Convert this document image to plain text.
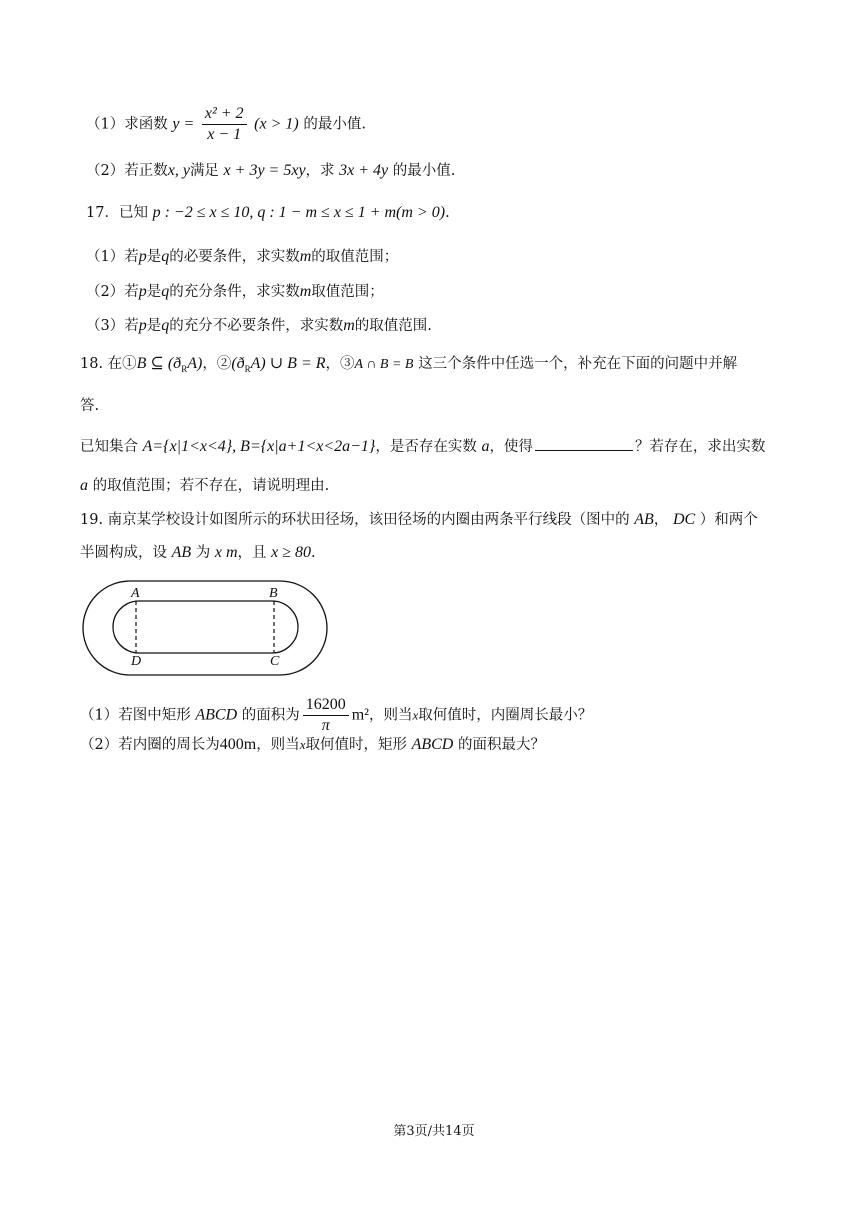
（1）求函数 $y = \frac{\text{x² + 2}}{x - 1} (x > 1)$ 的最小值.
（2）若正数x, y满足 x + 3y = 5xy，求 3x + 4y 的最小值.
17．已知 p : −2 ≤ x ≤ 10, q : 1 − m ≤ x ≤ 1 + m(m > 0).
（1）若p是q的必要条件，求实数m的取值范围；
（2）若p是q的充分条件，求实数m取值范围；
（3）若p是q的充分不必要条件，求实数m的取值范围.
18. 在①B ⊆ $(ð_RA)$，$②(ð_RA)$ ∪ B = R，③A ∩ B = B 这三个条件中任选一个，补充在下面的问题中并解
答.
已知集合 A={x|1<x<4}, B={x|a+1<x<2a−1}，是否存在实数 a，使得	？若存在，求出实数
a 的取值范围；若不存在，请说明理由.
19. 南京某学校设计如图所示的环状田径场，该田径场的内圈由两条平行线段（图中的 AB， DC ）和两个
半圆构成，设 AB 为 x m，且 x ≥ 80.
A	B
C
D
（1）若图中矩形 ABCD 的面积为 $\frac{16200}{\pi} m^2$，则当x取何值时，内圈周长最小？
（2）若内圈的周长为400m，则当x取何值时，矩形 ABCD 的面积最大？
第3页/共14页
